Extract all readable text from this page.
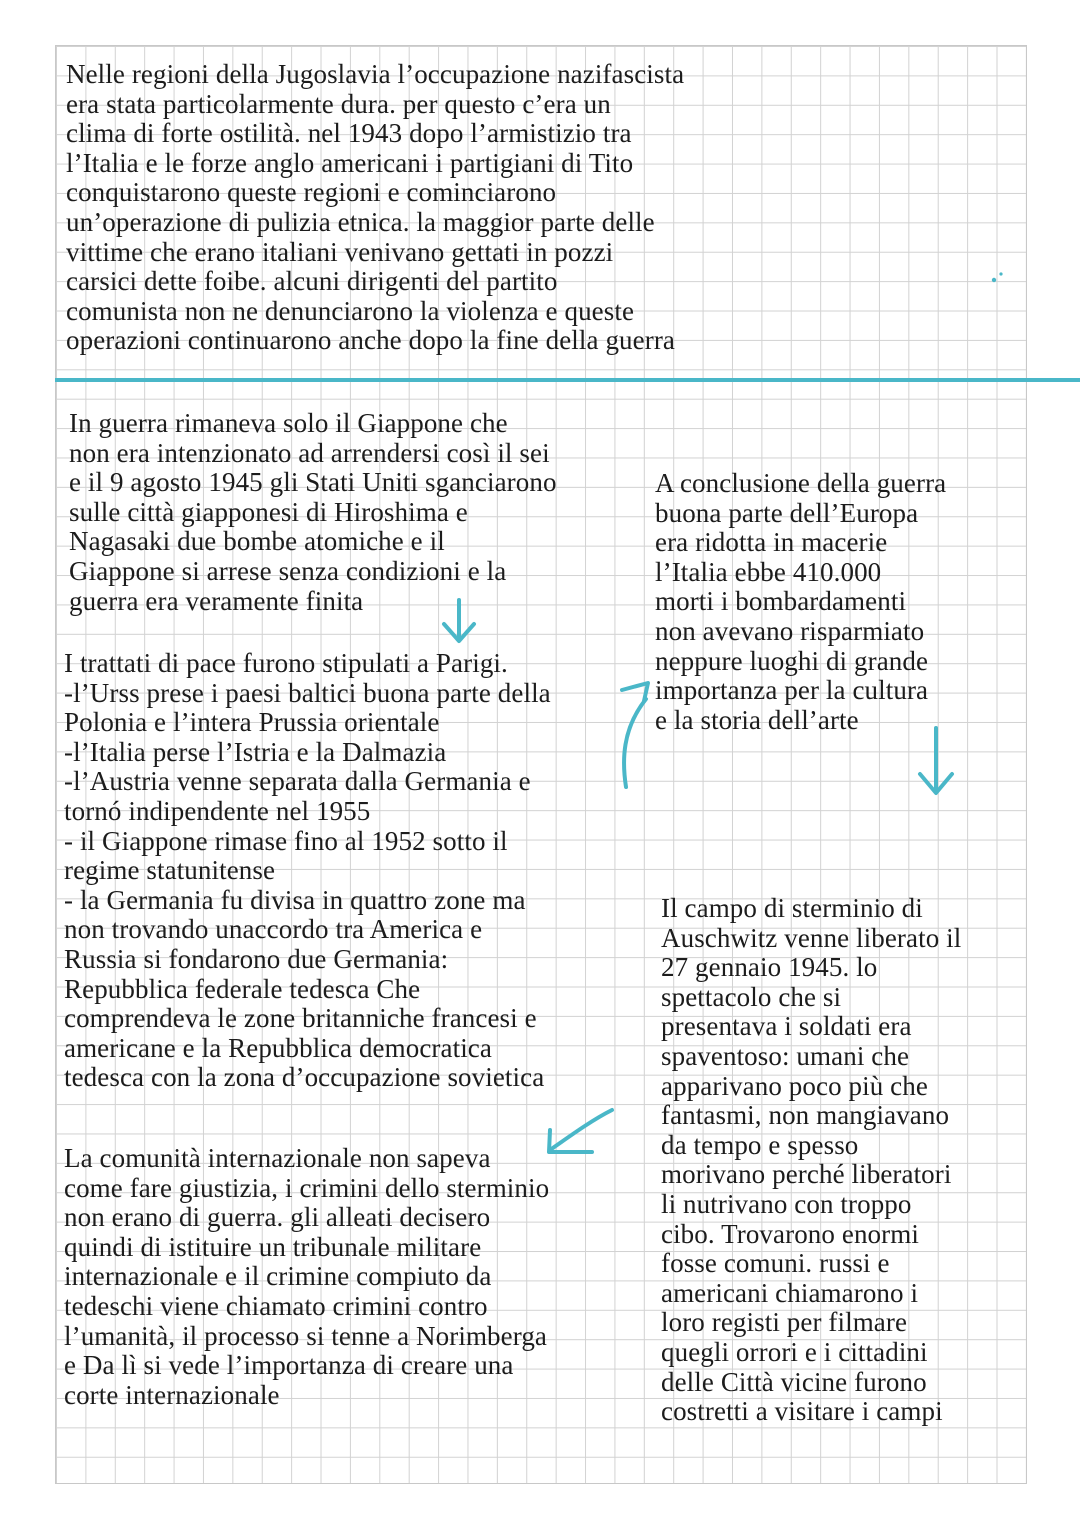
Nelle regioni della Jugoslavia l’occupazione nazifascista
era stata particolarmente dura. per questo c’era un
clima di forte ostilità. nel 1943 dopo l’armistizio tra
l’Italia e le forze anglo americani i partigiani di Tito
conquistarono queste regioni e cominciarono
un’operazione di pulizia etnica. la maggior parte delle
vittime che erano italiani venivano gettati in pozzi
carsici dette foibe. alcuni dirigenti del partito
comunista non ne denunciarono la violenza e queste
operazioni continuarono anche dopo la fine della guerra

In guerra rimaneva solo il Giappone che
non era intenzionato ad arrendersi così il sei
e il 9 agosto 1945 gli Stati Uniti sganciarono
sulle città giapponesi di Hiroshima e
Nagasaki due bombe atomiche e il
Giappone si arrese senza condizioni e la
guerra era veramente finita

A conclusione della guerra
buona parte dell’Europa
era ridotta in macerie
l’Italia ebbe 410.000
morti i bombardamenti
non avevano risparmiato
neppure luoghi di grande
importanza per la cultura
e la storia dell’arte

I trattati di pace furono stipulati a Parigi.
-l’Urss prese i paesi baltici buona parte della
Polonia e l’intera Prussia orientale
-l’Italia perse l’Istria e la Dalmazia
-l’Austria venne separata dalla Germania e
tornó indipendente nel 1955
- il Giappone rimase fino al 1952 sotto il
regime statunitense
- la Germania fu divisa in quattro zone ma
non trovando unaccordo tra America e
Russia si fondarono due Germania:
Repubblica federale tedesca Che
comprendeva le zone britanniche francesi e
americane e la Repubblica democratica
tedesca con la zona d’occupazione sovietica

Il campo di sterminio di
Auschwitz venne liberato il
27 gennaio 1945. lo
spettacolo che si
presentava i soldati era
spaventoso: umani che
apparivano poco più che
fantasmi, non mangiavano
da tempo e spesso
morivano perché liberatori
li nutrivano con troppo
cibo. Trovarono enormi
fosse comuni. russi e
americani chiamarono i
loro registi per filmare
quegli orrori e i cittadini
delle Città vicine furono
costretti a visitare i campi

La comunità internazionale non sapeva
come fare giustizia, i crimini dello sterminio
non erano di guerra. gli alleati decisero
quindi di istituire un tribunale militare
internazionale e il crimine compiuto da
tedeschi viene chiamato crimini contro
l’umanità, il processo si tenne a Norimberga
e Da lì si vede l’importanza di creare una
corte internazionale
